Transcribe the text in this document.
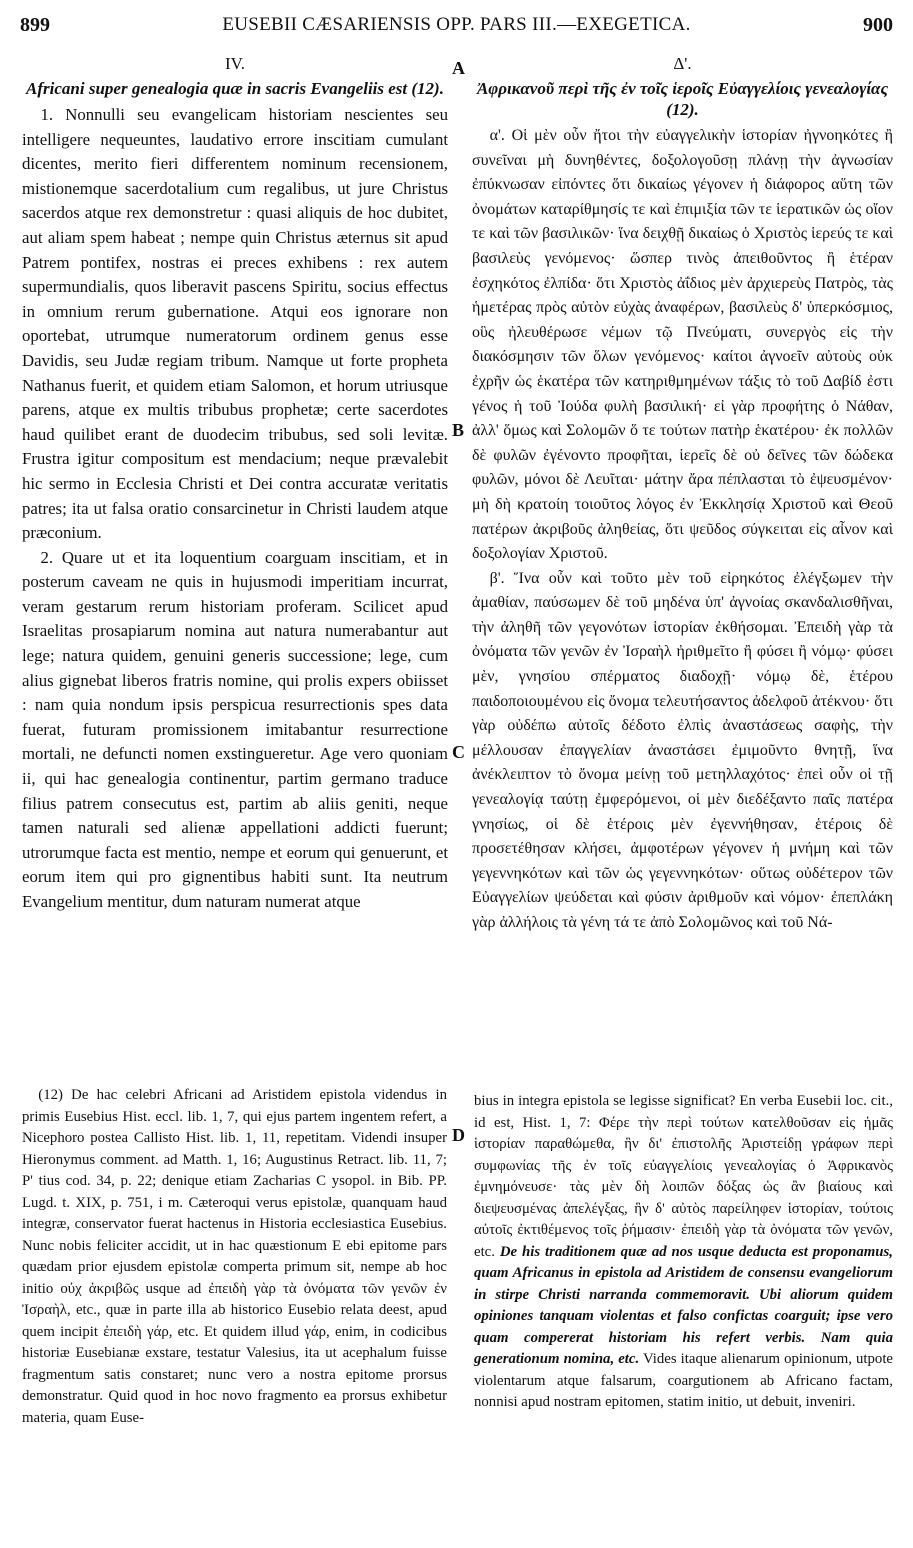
899	EUSEBII CÆSARIENSIS OPP. PARS III.—EXEGETICA.	900
A
B
C
D
IV.
Africani super genealogia quæ in sacris Evangeliis est (12).

1. Nonnulli seu evangelicam historiam nescientes seu intelligere nequeuntes, laudativo errore inscitiam cumulant dicentes, merito fieri differentem nominum recensionem, mistionemque sacerdotalium cum regalibus, ut jure Christus sacerdos atque rex demonstretur : quasi aliquis de hoc dubitet, aut aliam spem habeat ; nempe quin Christus æternus sit apud Patrem pontifex, nostras ei preces exhibens : rex autem supermundialis, quos liberavit pascens Spiritu, socius effectus in omnium rerum gubernatione. Atqui eos ignorare non oportebat, utrumque numeratorum ordinem genus esse Davidis, seu Judæ regiam tribum. Namque ut forte propheta Nathanus fuerit, et quidem etiam Salomon, et horum utriusque parens, atque ex multis tribubus prophetæ; certe sacerdotes haud quilibet erant de duodecim tribubus, sed soli levitæ. Frustra igitur compositum est mendacium; neque prævalebit hic sermo in Ecclesia Christi et Dei contra accuratæ veritatis patres; ita ut falsa oratio consarcinetur in Christi laudem atque præconium.

2. Quare ut et ita loquentium coarguam inscitiam, et in posterum caveam ne quis in hujusmodi imperitiam incurrat, veram gestarum rerum historiam proferam. Scilicet apud Israelitas prosapiarum nomina aut natura numerabantur aut lege; natura quidem, genuini generis successione; lege, cum alius gignebat liberos fratris nomine, qui prolis expers obiisset : nam quia nondum ipsis perspicua resurrectionis spes data fuerat, futuram promissionem imitabantur resurrectione mortali, ne defuncti nomen exstingueretur. Age vero quoniam ii, qui hac genealogia continentur, partim germano traduce filius patrem consecutus est, partim ab aliis geniti, neque tamen naturali sed alienæ appellationi addicti fuerunt; utrorumque facta est mentio, nempe et eorum qui genuerunt, et eorum item qui pro gignentibus habiti sunt. Ita neutrum Evangelium mentitur, dum naturam numerat atque

Δ'.
Ἀφρικανοῦ περὶ τῆς ἐν τοῖς ἱεροῖς Εὐαγγελίοις γενεαλογίας (12).

α'. Οἱ μὲν οὖν ἤτοι τὴν εὐαγγελικὴν ἱστορίαν ἠγνοηκότες ἢ συνεῖναι μὴ δυνηθέντες, δοξολογοῦσῃ πλάνῃ τὴν ἀγνωσίαν ἐπύκνωσαν εἰπόντες ὅτι δικαίως γέγονεν ἡ διάφορος αὕτη τῶν ὀνομάτων καταρίθμησίς τε καὶ ἐπιμιξία τῶν τε ἱερατικῶν ὡς οἴον τε καὶ τῶν βασιλικῶν· ἵνα δειχθῇ δικαίως ὁ Χριστὸς ἱερεύς τε καὶ βασιλεὺς γενόμενος· ὥσπερ τινὸς ἀπειθοῦντος ἢ ἑτέραν ἐσχηκότος ἐλπίδα· ὅτι Χριστὸς ἀΐδιος μὲν ἀρχιερεὺς Πατρὸς, τὰς ἡμετέρας πρὸς αὐτὸν εὐχὰς ἀναφέρων, βασιλεὺς δ' ὑπερκόσμιος, οὓς ἠλευθέρωσε νέμων τῷ Πνεύματι, συνεργὸς εἰς τὴν διακόσμησιν τῶν ὅλων γενόμενος· καίτοι ἀγνοεῖν αὐτοὺς οὐκ ἐχρῆν ὡς ἑκατέρα τῶν κατηριθμημένων τάξις τὸ τοῦ Δαβίδ ἐστι γένος ἡ τοῦ Ἰούδα φυλὴ βασιλική· εἰ γὰρ προφήτης ὁ Νάθαν, ἀλλ' ὅμως καὶ Σολομῶν ὅ τε τούτων πατὴρ ἑκατέρου· ἐκ πολλῶν δὲ φυλῶν ἐγένοντο προφῆται, ἱερεῖς δὲ οὐ δεῖνες τῶν δώδεκα φυλῶν, μόνοι δὲ Λευῖται· μάτην ἄρα πέπλασται τὸ ἐψευσμένον· μὴ δὴ κρατοίη τοιοῦτος λόγος ἐν Ἐκκλησίᾳ Χριστοῦ καὶ Θεοῦ πατέρων ἀκριβοῦς ἀληθείας, ὅτι ψεῦδος σύγκειται εἰς αἶνον καὶ δοξολογίαν Χριστοῦ.

β'. Ἵνα οὖν καὶ τοῦτο μὲν τοῦ εἰρηκότος ἐλέγξωμεν τὴν ἀμαθίαν, παύσωμεν δὲ τοῦ μηδένα ὑπ' ἀγνοίας σκανδαλισθῆναι, τὴν ἀληθῆ τῶν γεγονότων ἱστορίαν ἐκθήσομαι. Ἐπειδὴ γὰρ τὰ ὀνόματα τῶν γενῶν ἐν Ἰσραὴλ ἠριθμεῖτο ἢ φύσει ἢ νόμῳ· φύσει μὲν, γνησίου σπέρματος διαδοχῇ· νόμῳ δὲ, ἑτέρου παιδοποιουμένου εἰς ὄνομα τελευτήσαντος ἀδελφοῦ ἀτέκνου· ὅτι γὰρ οὐδέπω αὐτοῖς δέδοτο ἐλπὶς ἀναστάσεως σαφὴς, τὴν μέλλουσαν ἐπαγγελίαν ἀναστάσει ἐμιμοῦντο θνητῇ, ἵνα ἀνέκλειπτον τὸ ὄνομα μείνῃ τοῦ μετηλλαχότος· ἐπεὶ οὖν οἱ τῇ γενεαλογίᾳ ταύτῃ ἐμφερόμενοι, οἱ μὲν διεδέξαντο παῖς πατέρα γνησίως, οἱ δὲ ἑτέροις μὲν ἐγεννήθησαν, ἑτέροις δὲ προσετέθησαν κλήσει, ἀμφοτέρων γέγονεν ἡ μνήμη καὶ τῶν γεγεννηκότων καὶ τῶν ὡς γεγεννηκότων· οὕτως οὐδέτερον τῶν Εὐαγγελίων ψεύδεται καὶ φύσιν ἀριθμοῦν καὶ νόμον· ἐπεπλάκη γὰρ ἀλλήλοις τὰ γένη τά τε ἀπὸ Σολομῶνος καὶ τοῦ Νά-

(12) De hac celebri Africani ad Aristidem epistola videndus in primis Eusebius Hist. eccl. lib. 1, 7, qui ejus partem ingentem refert, a Nicephoro postea Callisto Hist. lib. 1, 11, repetitam. Videndi insuper Hieronymus comment. ad Matth. 1, 16; Augustinus Retract. lib. 11, 7; P' tius cod. 34, p. 22; denique etiam Zacharias C ysopol. in Bib. PP. Lugd. t. XIX, p. 751, i m. Cæteroqui verus epistolæ, quanquam haud integræ, conservator fuerat hactenus in Historia ecclesiastica Eusebius. Nunc nobis feliciter accidit, ut in hac quæstionum E ebi epitome pars quædam prior ejusdem epistolæ comperta primum sit, nempe ab hoc initio οὐχ ἀκριβῶς usque ad ἐπειδὴ γὰρ τὰ ὀνόματα τῶν γενῶν ἐν Ἰσραὴλ, etc., quæ in parte illa ab historico Eusebio relata deest, apud quem incipit ἐπειδὴ γάρ, etc. Et quidem illud γάρ, enim, in codicibus historiæ Eusebianæ exstare, testatur Valesius, ita ut acephalum fuisse fragmentum satis constaret; nunc vero a nostra epitome prorsus demonstratur. Quid quod in hoc novo fragmento ea prorsus exhibetur materia, quam Euse-

bius in integra epistola se legisse significat? En verba Eusebii loc. cit., id est, Hist. 1, 7: Φέρε τὴν περὶ τούτων κατελθοῦσαν εἰς ἡμᾶς ἱστορίαν παραθώμεθα, ἣν δι' ἐπιστολῆς Ἀριστείδῃ γράφων περὶ συμφωνίας τῆς ἐν τοῖς εὐαγγελίοις γενεαλογίας ὁ Ἀφρικανὸς ἐμνημόνευσε· τὰς μὲν δὴ λοιπῶν δόξας ὡς ἂν βιαίους καὶ διεψευσμένας ἀπελέγξας, ἣν δ' αὐτὸς παρείληφεν ἱστορίαν, τούτοις αὐτοῖς ἐκτιθέμενος τοῖς ῥήμασιν· ἐπειδὴ γὰρ τὰ ὀνόματα τῶν γενῶν, etc. De his traditionem quæ ad nos usque deducta est proponamus, quam Africanus in epistola ad Aristidem de consensu evangeliorum in stirpe Christi narranda commemoravit. Ubi aliorum quidem opiniones tanquam violentas et falso confictas coarguit; ipse vero quam compererat historiam his refert verbis. Nam quia generationum nomina, etc. Vides itaque alienarum opinionum, utpote violentarum atque falsarum, coargutionem ab Africano factam, nonnisi apud nostram epitomen, statim initio, ut debuit, inveniri.
